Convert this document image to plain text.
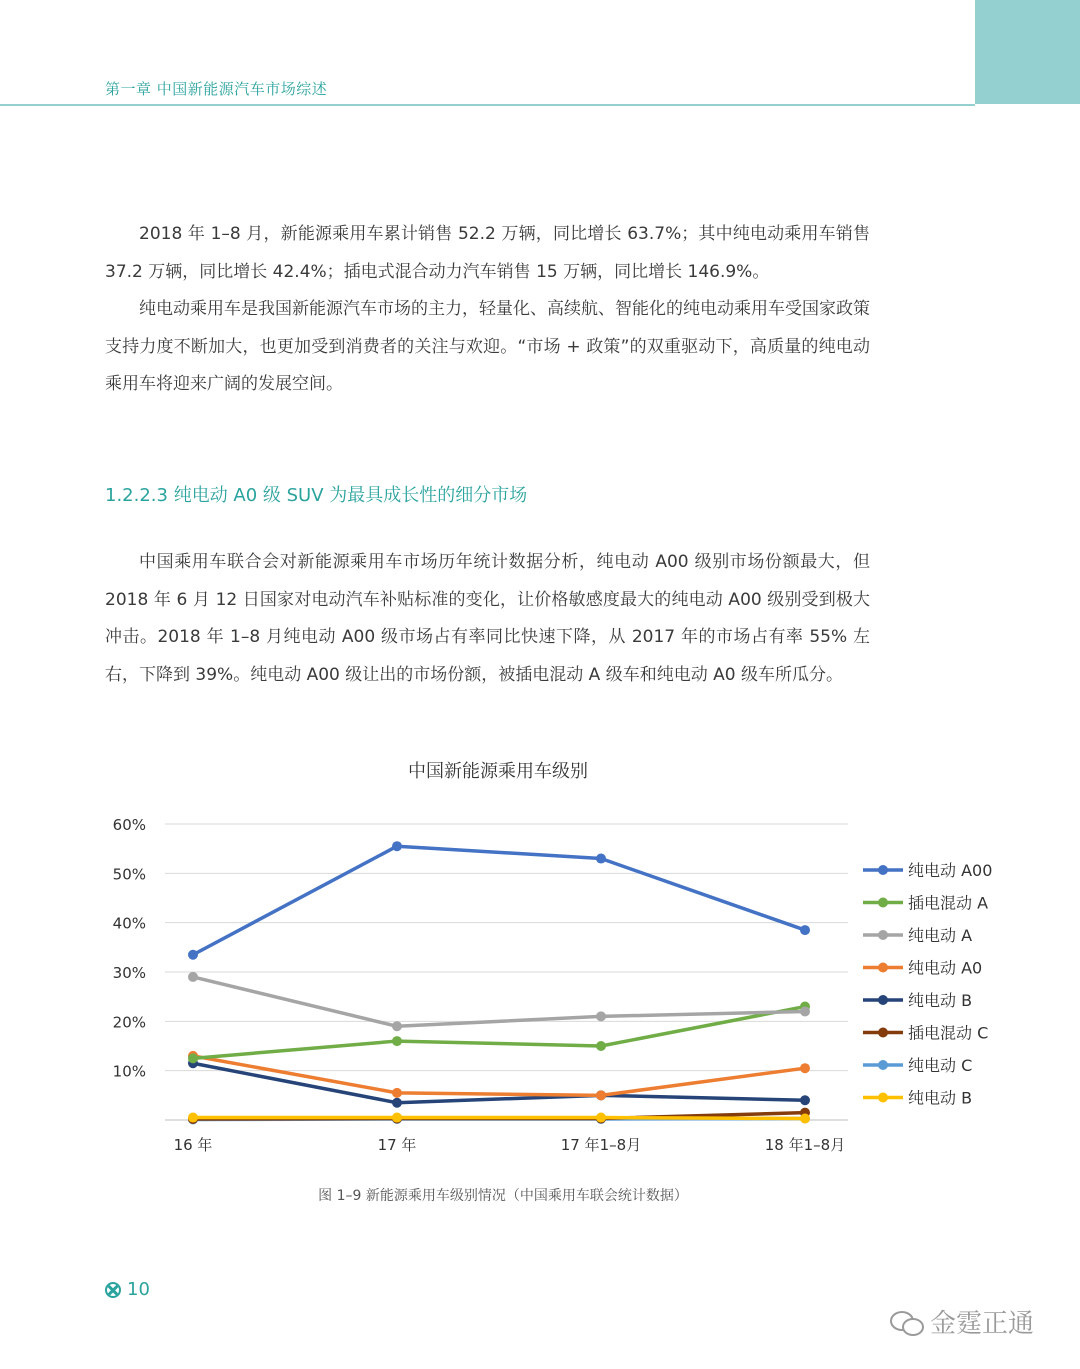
第一章 中国新能源汽车市场综述

2018 年 1–8 月，新能源乘用车累计销售 52.2 万辆，同比增长 63.7%；其中纯电动乘用车销售 37.2 万辆，同比增长 42.4%；插电式混合动力汽车销售 15 万辆，同比增长 146.9%。

纯电动乘用车是我国新能源汽车市场的主力，轻量化、高续航、智能化的纯电动乘用车受国家政策支持力度不断加大，也更加受到消费者的关注与欢迎。“市场 + 政策”的双重驱动下，高质量的纯电动乘用车将迎来广阔的发展空间。

1.2.2.3 纯电动 A0 级 SUV 为最具成长性的细分市场

中国乘用车联合会对新能源乘用车市场历年统计数据分析，纯电动 A00 级别市场份额最大，但 2018 年 6 月 12 日国家对电动汽车补贴标准的变化，让价格敏感度最大的纯电动 A00 级别受到极大冲击。2018 年 1–8 月纯电动 A00 级市场占有率同比快速下降，从 2017 年的市场占有率 55% 左右，下降到 39%。纯电动 A00 级让出的市场份额，被插电混动 A 级车和纯电动 A0 级车所瓜分。

中国新能源乘用车级别
60%
50%
40%
30%
20%
10%
16 年	17 年	17 年1–8月	18 年1–8月
纯电动 A00
插电混动 A
纯电动 A
纯电动 A0
纯电动 B
插电混动 C
纯电动 C
纯电动 B
图 1–9 新能源乘用车级别情况（中国乘用车联会统计数据）
10
金霆正通
